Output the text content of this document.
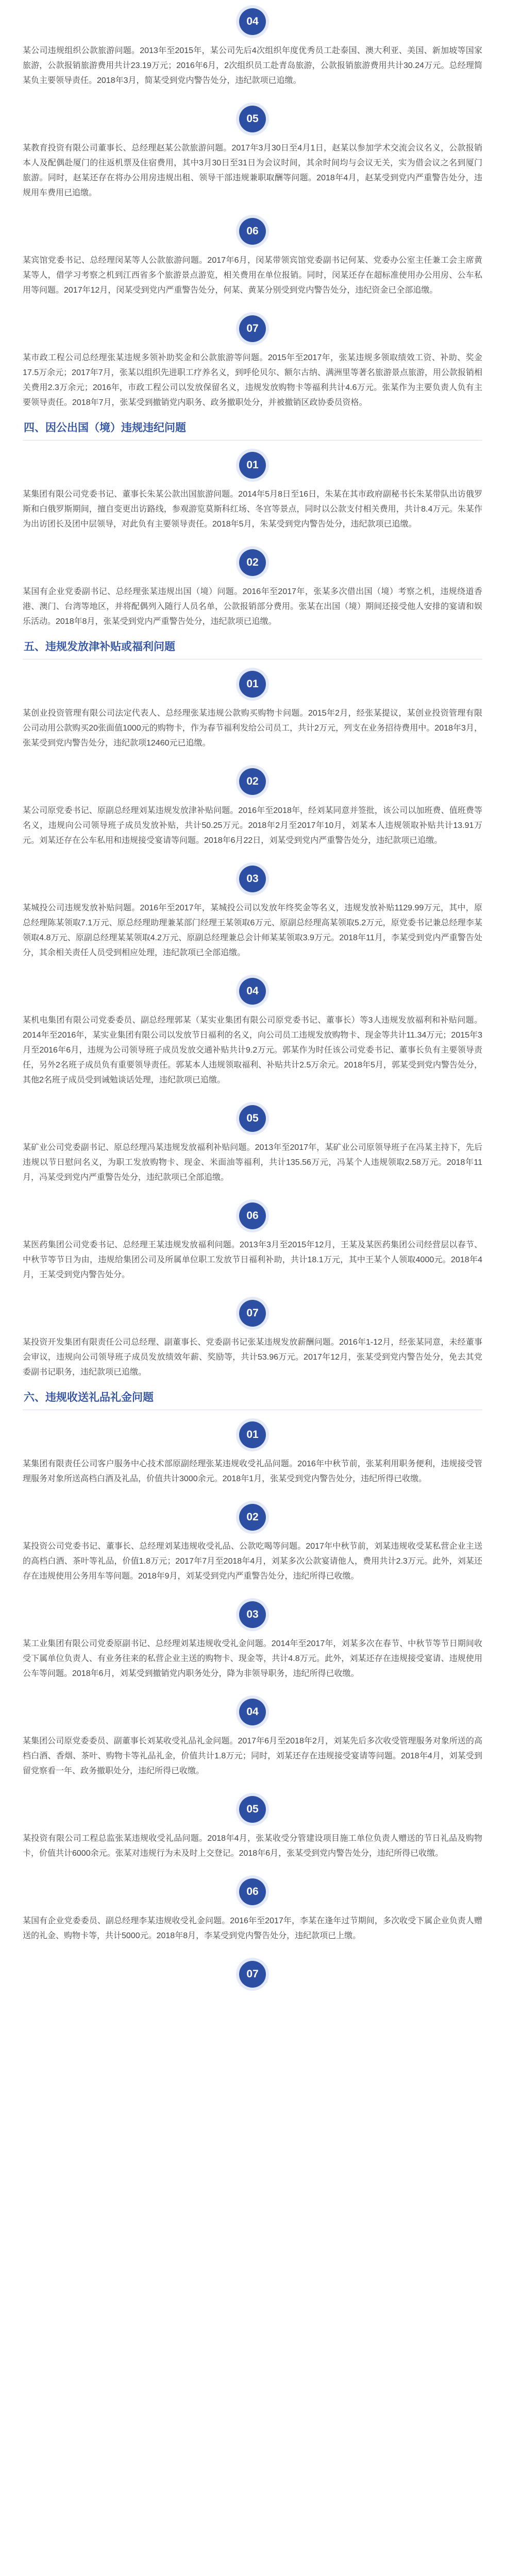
04

某公司违规组织公款旅游问题。2013年至2015年，某公司先后4次组织年度优秀员工赴泰国、澳大利亚、美国、新加坡等国家旅游，公款报销旅游费用共计23.19万元；2016年6月，2次组织员工赴青岛旅游，公款报销旅游费用共计30.24万元。总经理简某负主要领导责任。2018年3月，简某受到党内警告处分，违纪款项已追缴。

05

某教育投资有限公司董事长、总经理赵某公款旅游问题。2017年3月30日至4月1日，赵某以参加学术交流会议名义，公款报销本人及配偶赴厦门的往返机票及住宿费用，其中3月30日至31日为会议时间，其余时间均与会议无关，实为借会议之名到厦门旅游。同时，赵某还存在将办公用房违规出租、领导干部违规兼职取酬等问题。2018年4月，赵某受到党内严重警告处分，违规用车费用已追缴。

06

某宾馆党委书记、总经理闵某等人公款旅游问题。2017年6月，闵某带领宾馆党委副书记何某、党委办公室主任兼工会主席黄某等人，借学习考察之机到江西省多个旅游景点游览，相关费用在单位报销。同时，闵某还存在超标准使用办公用房、公车私用等问题。2017年12月，闵某受到党内严重警告处分，何某、黄某分别受到党内警告处分，违纪资金已全部追缴。

07

某市政工程公司总经理张某违规多领补助奖金和公款旅游等问题。2015年至2017年，张某违规多领取绩效工资、补助、奖金17.5万余元；2017年7月，张某以组织先进职工疗养名义，到呼伦贝尔、额尔古纳、满洲里等著名旅游景点旅游，用公款报销相关费用2.3万余元；2016年，市政工程公司以发放保留名义，违规发放购物卡等福利共计4.6万元。张某作为主要负责人负有主要领导责任。2018年7月，张某受到撤销党内职务、政务撤职处分，并被撤销区政协委员资格。

四、因公出国（境）违规违纪问题
01

某集团有限公司党委书记、董事长朱某公款出国旅游问题。2014年5月8日至16日，朱某在其市政府副秘书长朱某带队出访俄罗斯和白俄罗斯期间，擅自变更出访路线，参观游览莫斯科红场、冬宫等景点，同时以公款支付相关费用，共计8.4万元。朱某作为出访团长及团中层领导，对此负有主要领导责任。2018年5月，朱某受到党内警告处分，违纪款项已追缴。

02

某国有企业党委副书记、总经理张某违规出国（境）问题。2016年至2017年，张某多次借出国（境）考察之机，违规绕道香港、澳门、台湾等地区，并将配偶列入随行人员名单，公款报销部分费用。张某在出国（境）期间还接受他人安排的宴请和娱乐活动。2018年8月，张某受到党内严重警告处分，违纪款项已追缴。

五、违规发放津补贴或福利问题
01

某创业投资管理有限公司法定代表人、总经理张某违规公款购买购物卡问题。2015年2月，经张某提议，某创业投资管理有限公司动用公款购买20张面值1000元的购物卡，作为春节福利发给公司员工，共计2万元，列支在业务招待费用中。2018年3月，张某受到党内警告处分，违纪款项12460元已追缴。

02

某公司原党委书记、原副总经理刘某违规发放津补贴问题。2016年至2018年，经刘某同意并签批，该公司以加班费、值班费等名义，违规向公司领导班子成员发放补贴，共计50.25万元。2018年2月至2017年10月，刘某本人违规领取补贴共计13.91万元。刘某还存在公车私用和违规接受宴请等问题。2018年6月22日，刘某受到党内严重警告处分，违纪款项已追缴。

03

某城投公司违规发放补贴问题。2016年至2017年，某城投公司以发放年终奖金等名义，违规发放补贴1129.99万元，其中，原总经理陈某领取7.1万元、原总经理助理兼某部门经理王某领取6万元、原副总经理高某领取5.2万元，原党委书记兼总经理李某领取4.8万元、原副总经理某某领取4.2万元、原副总经理兼总会计师某某领取3.9万元。2018年11月，李某受到党内严重警告处分，其余相关责任人员受到相应处理，违纪款项已全部追缴。

04

某机电集团有限公司党委委员、副总经理郭某（某实业集团有限公司原党委书记、董事长）等3人违规发放福利和补贴问题。2014年至2016年，某实业集团有限公司以发放节日福利的名义，向公司员工违规发放购物卡、现金等共计11.34万元；2015年3月至2016年6月，违规为公司领导班子成员发放交通补贴共计9.2万元。郭某作为时任该公司党委书记、董事长负有主要领导责任，另外2名班子成员负有重要领导责任。郭某本人违规领取福利、补贴共计2.5万余元。2018年5月，郭某受到党内警告处分，其他2名班子成员受到诫勉谈话处理，违纪款项已追缴。

05

某矿业公司党委副书记、原总经理冯某违规发放福利补贴问题。2013年至2017年，某矿业公司原领导班子在冯某主持下，先后违规以节日慰问名义，为职工发放购物卡、现金、米面油等福利，共计135.56万元，冯某个人违规领取2.58万元。2018年11月，冯某受到党内严重警告处分，违纪款项已全部追缴。

06

某医药集团公司党委书记、总经理王某违规发放福利问题。2013年3月至2015年12月，王某及某医药集团公司经营层以春节、中秋节等节日为由，违规给集团公司及所属单位职工发放节日福利补助，共计18.1万元，其中王某个人领取4000元。2018年4月，王某受到党内警告处分。

07

某投资开发集团有限责任公司总经理、副董事长、党委副书记张某违规发放薪酬问题。2016年1-12月，经张某同意，未经董事会审议，违规向公司领导班子成员发放绩效年薪、奖励等，共计53.96万元。2017年12月，张某受到党内警告处分，免去其党委副书记职务，违纪款项已追缴。

六、违规收送礼品礼金问题
01

某集团有限责任公司客户服务中心技术部原副经理张某违规收受礼品问题。2016年中秋节前，张某利用职务便利，违规接受管理服务对象所送高档白酒及礼品，价值共计3000余元。2018年1月，张某受到党内警告处分，违纪所得已收缴。

02

某投资公司党委书记、董事长、总经理刘某违规收受礼品、公款吃喝等问题。2017年中秋节前，刘某违规收受某私营企业主送的高档白酒、茶叶等礼品，价值1.8万元；2017年7月至2018年4月，刘某多次公款宴请他人，费用共计2.3万元。此外，刘某还存在违规使用公务用车等问题。2018年9月，刘某受到党内严重警告处分，违纪所得已收缴。

03

某工业集团有限公司党委原副书记、总经理刘某违规收受礼金问题。2014年至2017年，刘某多次在春节、中秋节等节日期间收受下属单位负责人、有业务往来的私营企业主送的购物卡、现金等，共计4.8万元。此外，刘某还存在违规接受宴请、违规使用公车等问题。2018年6月，刘某受到撤销党内职务处分，降为非领导职务，违纪所得已收缴。

04

某集团公司原党委委员、副董事长刘某收受礼品礼金问题。2017年6月至2018年2月，刘某先后多次收受管理服务对象所送的高档白酒、香烟、茶叶、购物卡等礼品礼金，价值共计1.8万元；同时，刘某还存在违规接受宴请等问题。2018年4月，刘某受到留党察看一年、政务撤职处分，违纪所得已收缴。

05

某投资有限公司工程总监张某违规收受礼品问题。2018年4月，张某收受分管建设项目施工单位负责人赠送的节日礼品及购物卡，价值共计6000余元。张某对违规行为未及时上交登记。2018年6月，张某受到党内警告处分，违纪所得已收缴。

06

某国有企业党委委员、副总经理李某违规收受礼金问题。2016年至2017年，李某在逢年过节期间，多次收受下属企业负责人赠送的礼金、购物卡等，共计5000元。2018年8月，李某受到党内警告处分，违纪款项已上缴。

07
